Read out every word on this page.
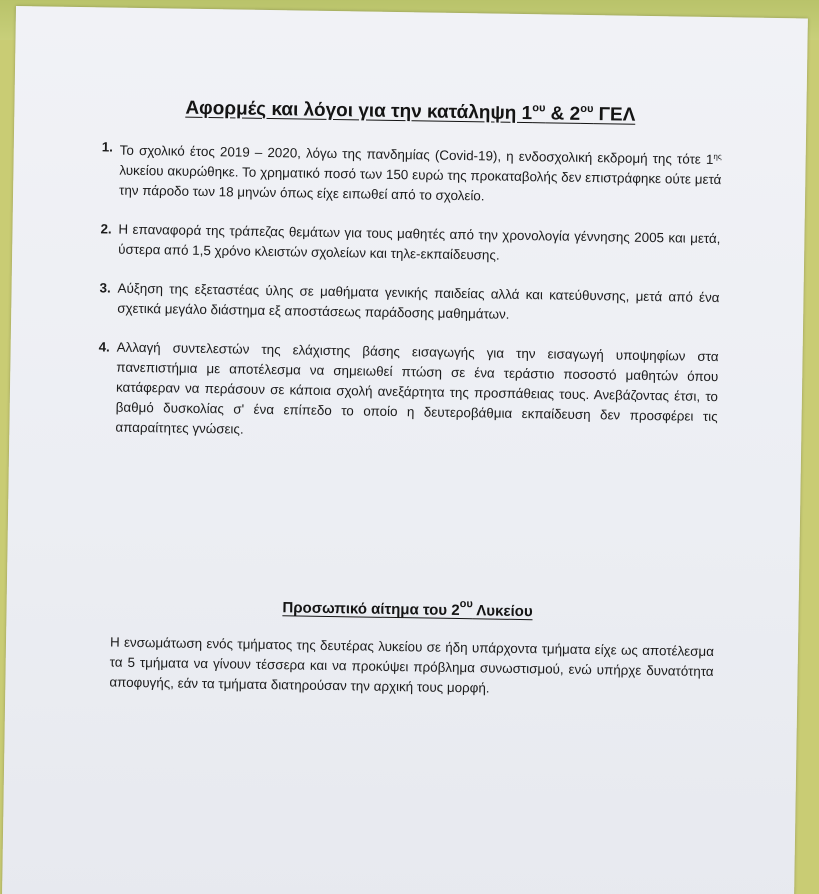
Αφορμές και λόγοι για την κατάληψη $1^{o\upsilon}$ & $2^{o\upsilon}$ ΓΕΛ
1. Το σχολικό έτος 2019 – 2020, λόγω της πανδημίας (Covid-19), η ενδοσχολική εκδρομή της τότε $1^{\eta\varsigma}$ λυκείου ακυρώθηκε. Το χρηματικό ποσό των 150 ευρώ της προκαταβολής δεν επιστράφηκε ούτε μετά την πάροδο των 18 μηνών όπως είχε ειπωθεί από το σχολείο.
2. Η επαναφορά της τράπεζας θεμάτων για τους μαθητές από την χρονολογία γέννησης 2005 και μετά, ύστερα από 1,5 χρόνο κλειστών σχολείων και τηλε-εκπαίδευσης.
3. Αύξηση της εξεταστέας ύλης σε μαθήματα γενικής παιδείας αλλά και κατεύθυνσης, μετά από ένα σχετικά μεγάλο διάστημα εξ αποστάσεως παράδοσης μαθημάτων.
4. Αλλαγή συντελεστών της ελάχιστης βάσης εισαγωγής για την εισαγωγή υποψηφίων στα πανεπιστήμια με αποτέλεσμα να σημειωθεί πτώση σε ένα τεράστιο ποσοστό μαθητών όπου κατάφεραν να περάσουν σε κάποια σχολή ανεξάρτητα της προσπάθειας τους. Ανεβάζοντας έτσι, το βαθμό δυσκολίας σ' ένα επίπεδο το οποίο η δευτεροβάθμια εκπαίδευση δεν προσφέρει τις απαραίτητες γνώσεις.
Προσωπικό αίτημα του $2^{o\upsilon}$ Λυκείου

Η ενσωμάτωση ενός τμήματος της δευτέρας λυκείου σε ήδη υπάρχοντα τμήματα είχε ως αποτέλεσμα τα 5 τμήματα να γίνουν τέσσερα και να προκύψει πρόβλημα συνωστισμού, ενώ υπήρχε δυνατότητα αποφυγής, εάν τα τμήματα διατηρούσαν την αρχική τους μορφή.
